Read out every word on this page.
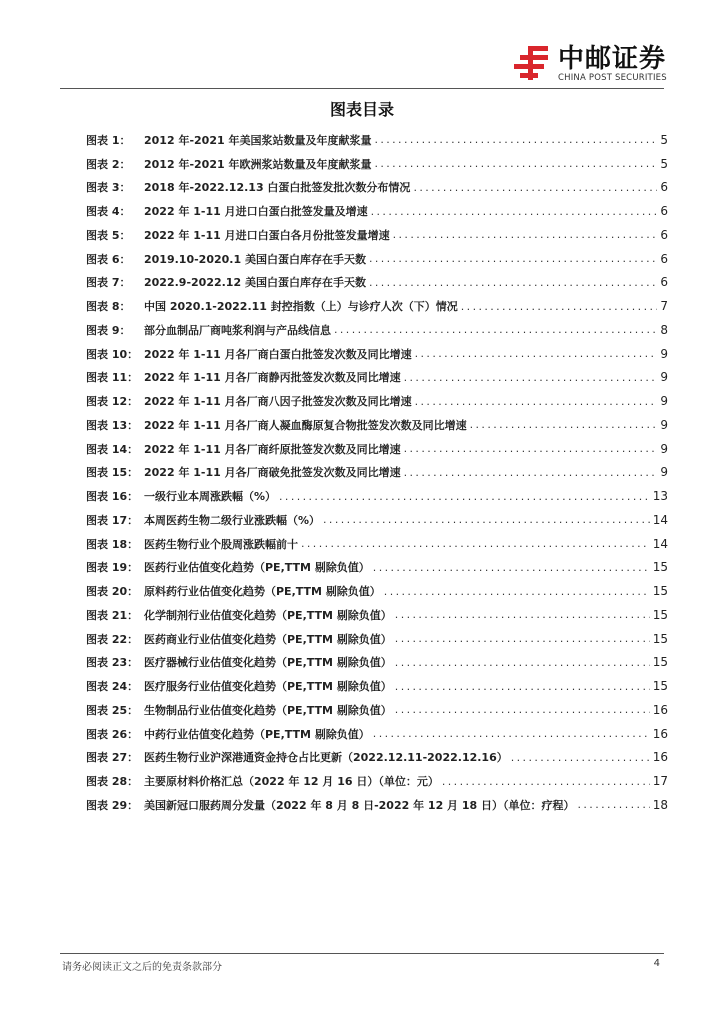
中邮证券
CHINA POST SECURITIES
图表目录
图表 1：	2012 年-2021 年美国浆站数量及年度献浆量 .....	5
图表 2：	2012 年-2021 年欧洲浆站数量及年度献浆量 .....	5
图表 3：	2018 年-2022.12.13 白蛋白批签发批次数分布情况 .....	6
图表 4：	2022 年 1-11 月进口白蛋白批签发量及增速 .....	6
图表 5：	2022 年 1-11 月进口白蛋白各月份批签发量增速 .....	6
图表 6：	2019.10-2020.1 美国白蛋白库存在手天数 .....	6
图表 7：	2022.9-2022.12 美国白蛋白库存在手天数 .....	6
图表 8：	中国 2020.1-2022.11 封控指数（上）与诊疗人次（下）情况 .....	7
图表 9：	部分血制品厂商吨浆利润与产品线信息 .....	8
图表 10： 2022 年 1-11 月各厂商白蛋白批签发次数及同比增速 .....	9
图表 11： 2022 年 1-11 月各厂商静丙批签发次数及同比增速 .....	9
图表 12： 2022 年 1-11 月各厂商八因子批签发次数及同比增速 .....	9
图表 13： 2022 年 1-11 月各厂商人凝血酶原复合物批签发次数及同比增速 .....	9
图表 14： 2022 年 1-11 月各厂商纤原批签发次数及同比增速 .....	9
图表 15： 2022 年 1-11 月各厂商破免批签发次数及同比增速 .....	9
图表 16： 一级行业本周涨跌幅（%） .....	13
图表 17： 本周医药生物二级行业涨跌幅（%） .....	14
图表 18： 医药生物行业个股周涨跌幅前十 .....	14
图表 19： 医药行业估值变化趋势（PE,TTM 剔除负值） .....	15
图表 20： 原料药行业估值变化趋势（PE,TTM 剔除负值） .....	15
图表 21： 化学制剂行业估值变化趋势（PE,TTM 剔除负值） .....	15
图表 22： 医药商业行业估值变化趋势（PE,TTM 剔除负值） .....	15
图表 23： 医疗器械行业估值变化趋势（PE,TTM 剔除负值） .....	15
图表 24： 医疗服务行业估值变化趋势（PE,TTM 剔除负值） .....	15
图表 25： 生物制品行业估值变化趋势（PE,TTM 剔除负值） .....	16
图表 26： 中药行业估值变化趋势（PE,TTM 剔除负值） .....	16
图表 27： 医药生物行业沪深港通资金持仓占比更新（2022.12.11-2022.12.16） .....	16
图表 28： 主要原材料价格汇总（2022 年 12 月 16 日）（单位：元） .....	17
图表 29： 美国新冠口服药周分发量（2022 年 8 月 8 日-2022 年 12 月 18 日）（单位：疗程） .....	18
请务必阅读正文之后的免责条款部分	4
